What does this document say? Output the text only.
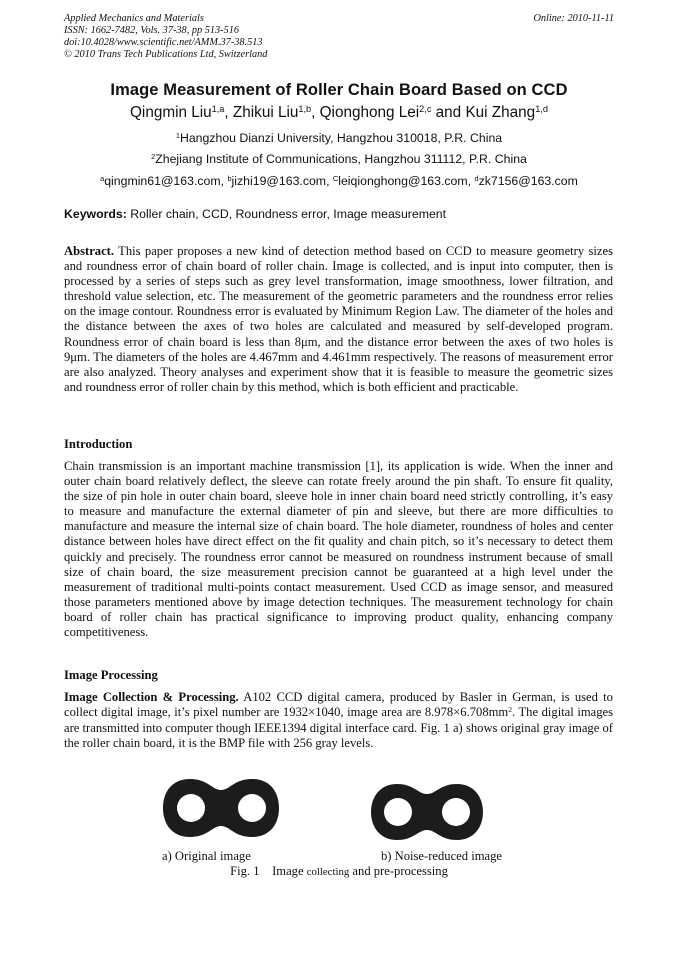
Applied Mechanics and Materials
ISSN: 1662-7482, Vols. 37-38, pp 513-516
doi:10.4028/www.scientific.net/AMM.37-38.513
© 2010 Trans Tech Publications Ltd, Switzerland
Online: 2010-11-11
Image Measurement of Roller Chain Board Based on CCD
Qingmin Liu$^{1,a}$, Zhikui Liu$^{1,b}$, Qionghong Lei$^{2,c}$ and Kui Zhang$^{1,d}$
$^1$Hangzhou Dianzi University, Hangzhou 310018, P.R. China
$^2$Zhejiang Institute of Communications, Hangzhou 311112, P.R. China
$^a$qingmin61@163.com, $^b$jizhi19@163.com, $^C$leiqionghong@163.com, $^d$zk7156@163.com
Keywords: Roller chain, CCD, Roundness error, Image measurement

Abstract. This paper proposes a new kind of detection method based on CCD to measure geometry sizes and roundness error of chain board of roller chain. Image is collected, and is input into computer, then is processed by a series of steps such as grey level transformation, image smoothness, lower filtration, and threshold value selection, etc. The measurement of the geometric parameters and the roundness error relies on the image contour. Roundness error is evaluated by Minimum Region Law. The diameter of the holes and the distance between the axes of two holes are calculated and measured by self-developed program. Roundness error of chain board is less than 8μm, and the distance error between the axes of two holes is 9μm. The diameters of the holes are 4.467mm and 4.461mm respectively. The reasons of measurement error are also analyzed. Theory analyses and experiment show that it is feasible to measure the geometric sizes and roundness error of roller chain by this method, which is both efficient and practicable.

Introduction

Chain transmission is an important machine transmission [1], its application is wide. When the inner and outer chain board relatively deflect, the sleeve can rotate freely around the pin shaft. To ensure fit quality, the size of pin hole in outer chain board, sleeve hole in inner chain board need strictly controlling, it’s easy to measure and manufacture the external diameter of pin and sleeve, but there are more difficulties to manufacture and measure the internal size of chain board. The hole diameter, roundness of holes and center distance between holes have direct effect on the fit quality and chain pitch, so it’s necessary to detect them quickly and precisely. The roundness error cannot be measured on roundness instrument because of small size of chain board, the size measurement precision cannot be guaranteed at a high level under the measurement of traditional multi-points contact measurement. Used CCD as image sensor, and measured those parameters mentioned above by image detection techniques. The measurement technology for chain board of roller chain has practical significance to improving product quality, enhancing company competitiveness.

Image Processing

Image Collection & Processing. A102 CCD digital camera, produced by Basler in German, is used to collect digital image, it’s pixel number are 1932×1040, image area are $8.978\times 6.708mm^2$. The digital images are transmitted into computer though IEEE1394 digital interface card. Fig. 1 a) shows original gray image of the roller chain board, it is the BMP file with 256 gray levels.

a) Original image	b) Noise-reduced image
Fig. 1    Image collecting and pre-processing
